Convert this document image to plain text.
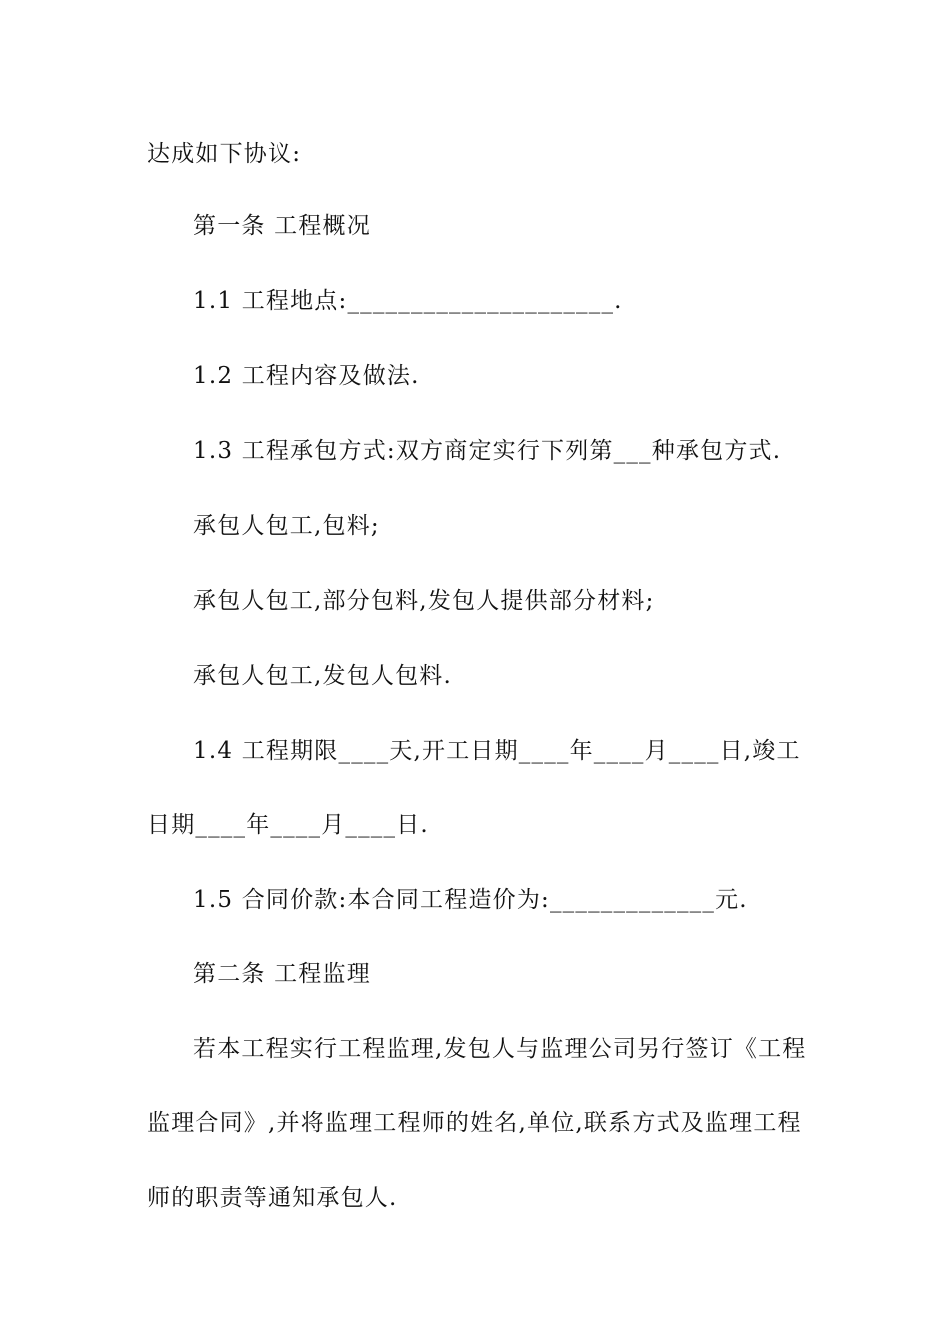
达成如下协议:
第一条 工程概况
1.1 工程地点:_____________________.
1.2 工程内容及做法.
1.3 工程承包方式:双方商定实行下列第___种承包方式.
承包人包工,包料;
承包人包工,部分包料,发包人提供部分材料;
承包人包工,发包人包料.
1.4 工程期限____天,开工日期____年____月____日,竣工
日期____年____月____日.
1.5 合同价款:本合同工程造价为:_____________元.
第二条 工程监理
若本工程实行工程监理,发包人与监理公司另行签订《工程
监理合同》,并将监理工程师的姓名,单位,联系方式及监理工程
师的职责等通知承包人.
